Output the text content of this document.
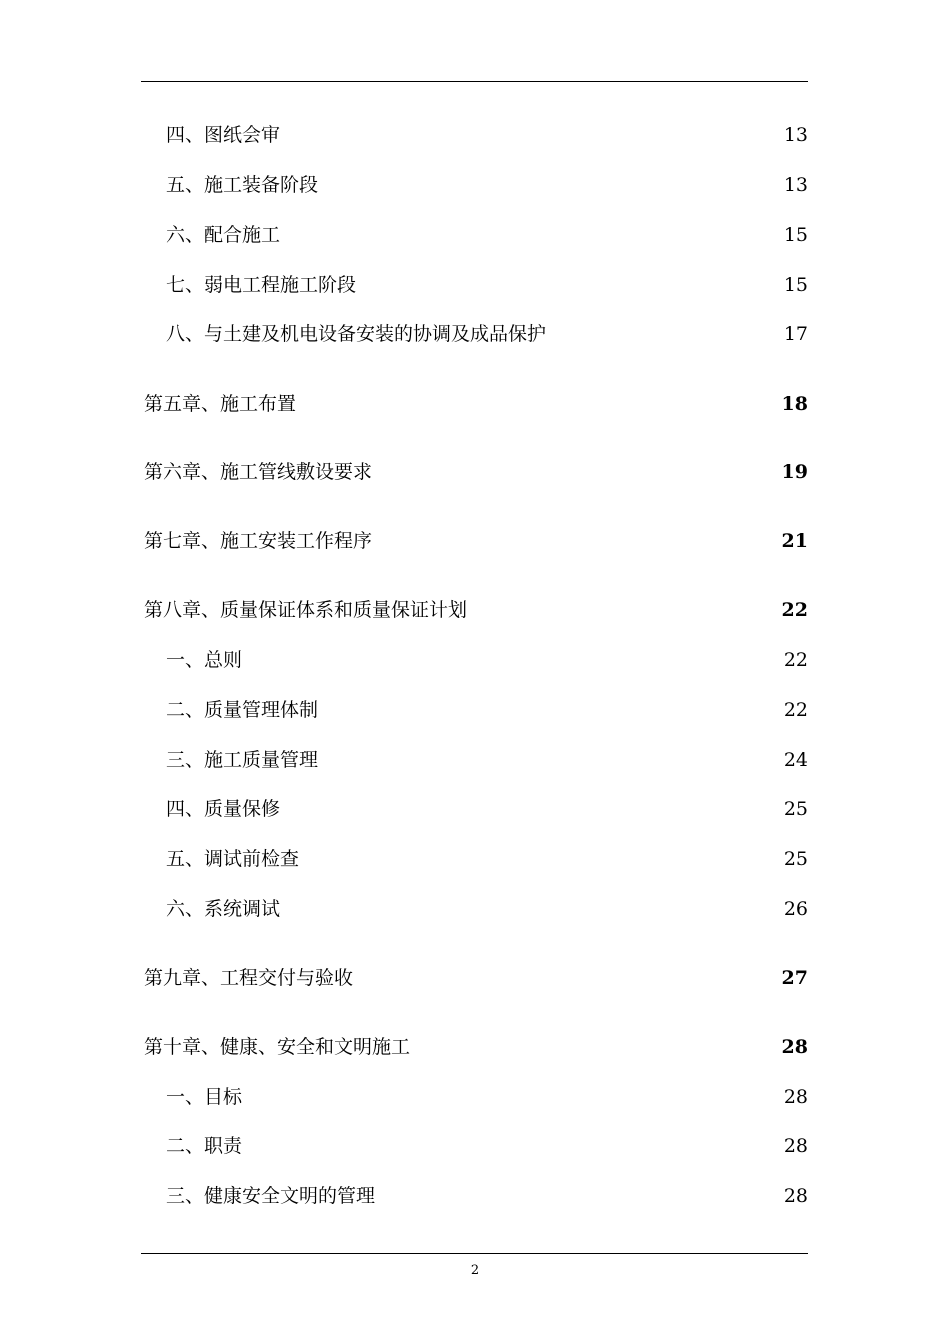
四、图纸会审	13
五、施工装备阶段	13
六、配合施工	15
七、弱电工程施工阶段	15
八、与土建及机电设备安装的协调及成品保护	17
第五章、施工布置	18
第六章、施工管线敷设要求	19
第七章、施工安装工作程序	21
第八章、质量保证体系和质量保证计划	22
一、总则	22
二、质量管理体制	22
三、施工质量管理	24
四、质量保修	25
五、调试前检查	25
六、系统调试	26
第九章、工程交付与验收	27
第十章、健康、安全和文明施工	28
一、目标	28
二、职责	28
三、健康安全文明的管理	28
2
